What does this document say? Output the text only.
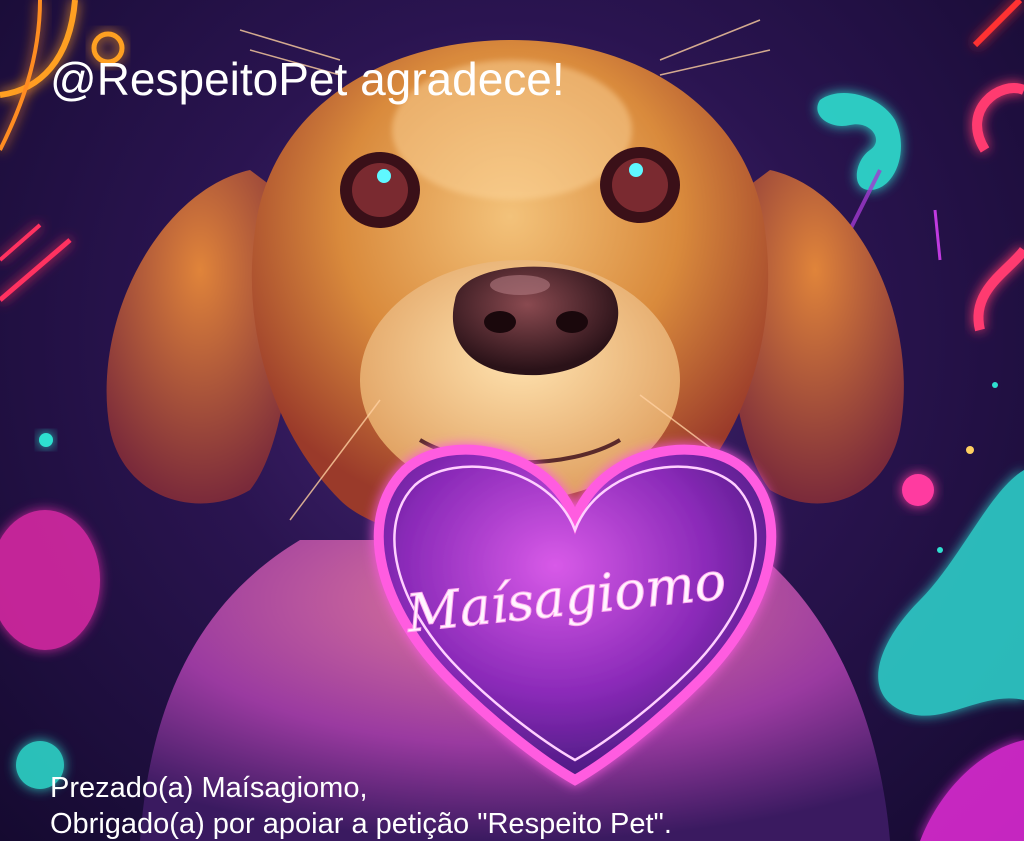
@RespeitoPet agradece!
Maísagiomo
Prezado(a) Maísagiomo,
Obrigado(a) por apoiar a petição "Respeito Pet".
